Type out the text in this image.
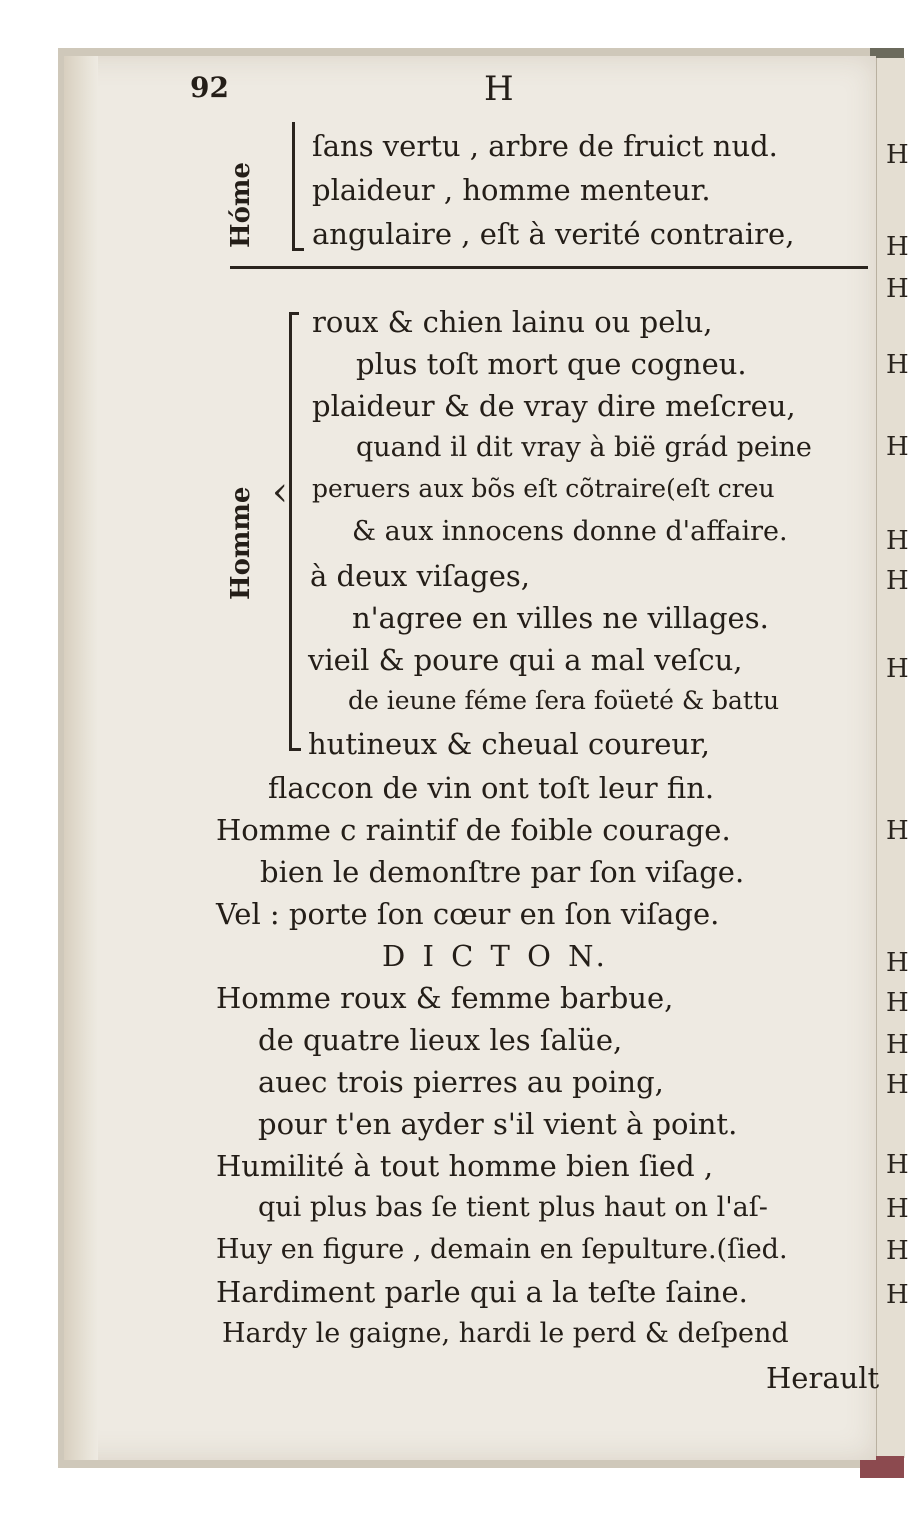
H
H
H
H
H
H
H
H
H
H
H
H
H
H
H
H
H
92	H
Hóme
ſans vertu , arbre de fruict nud.
plaideur , homme menteur.
angulaire , eſt à verité contraire,
Homme ‹
roux & chien lainu ou pelu,
plus toſt mort que cogneu.
plaideur & de vray dire meſcreu,
quand il dit vray à bië grád peine
peruers aux bõs eſt cõtraire(eſt creu
& aux innocens donne d'affaire.
à deux viſages,
n'agree en villes ne villages.
vieil & poure qui a mal veſcu,
de ieune féme ſera foüeté & battu
hutineux & cheual coureur,
flaccon de vin ont toſt leur fin.
Homme c raintif de foible courage.
bien le demonſtre par ſon viſage.
Vel : porte ſon cœur en ſon viſage.
D I C T O N.
Homme roux & femme barbue,
de quatre lieux les ſalüe,
auec trois pierres au poing,
pour t'en ayder s'il vient à point.
Humilité à tout homme bien ſied ,
qui plus bas ſe tient plus haut on l'aſ-
Huy en figure , demain en ſepulture.(ſied.
Hardiment parle qui a la teſte ſaine.
Hardy le gaigne, hardi le perd & deſpend
Herault
